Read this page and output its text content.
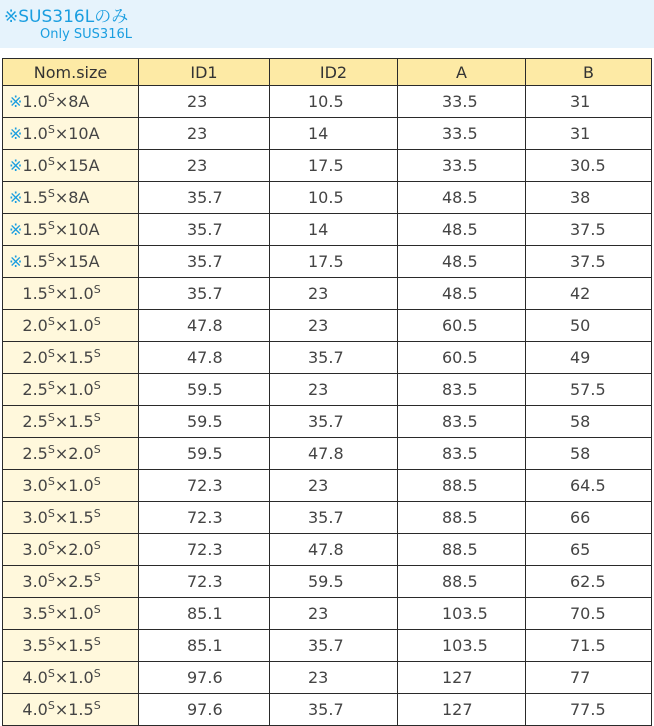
※SUS316Lのみ
Only SUS316L
Nom.size	ID1	ID2	A	B
$※1.0^S\times 8A$	23	10.5	33.5	31
$※1.0^S\times 10A$	23	14	33.5	31
$※1.0^S\times 15A$	23	17.5	33.5	30.5
$※1.5^S\times 8A$	35.7	10.5	48.5	38
$※1.5^S\times 10A$	35.7	14	48.5	37.5
$※1.5^S\times 15A$	35.7	17.5	48.5	37.5
$1.5^S\times 1.0^S$	35.7	23	48.5	42
$2.0^S\times 1.0^S$	47.8	23	60.5	50
$2.0^S\times 1.5^S$	47.8	35.7	60.5	49
$2.5^S\times 1.0^S$	59.5	23	83.5	57.5
$2.5^S\times 1.5^S$	59.5	35.7	83.5	58
$2.5^S\times 2.0^S$	59.5	47.8	83.5	58
$3.0^S\times 1.0^S$	72.3	23	88.5	64.5
$3.0^S\times 1.5^S$	72.3	35.7	88.5	66
$3.0^S\times 2.0^S$	72.3	47.8	88.5	65
$3.0^S\times 2.5^S$	72.3	59.5	88.5	62.5
$3.5^S\times 1.0^S$	85.1	23	103.5	70.5
$3.5^S\times 1.5^S$	85.1	35.7	103.5	71.5
$4.0^S\times 1.0^S$	97.6	23	127	77
$4.0^S\times 1.5^S$	97.6	35.7	127	77.5
